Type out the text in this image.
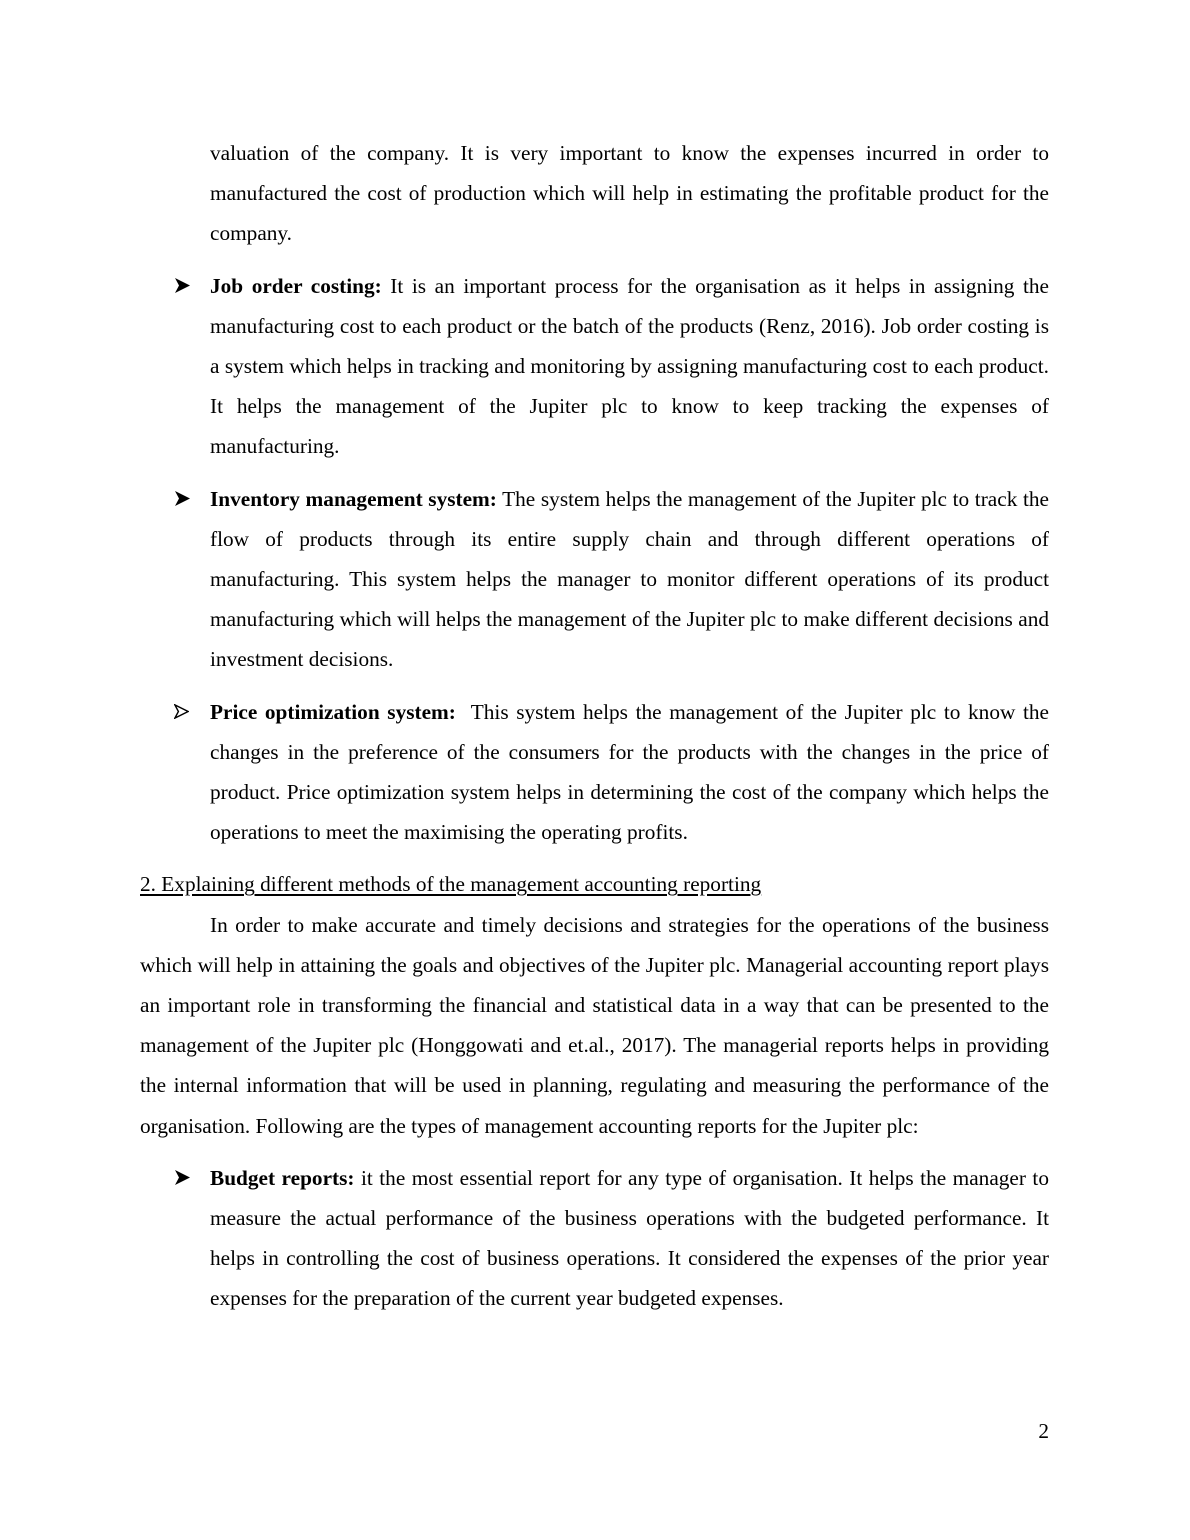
valuation of the company. It is very important to know the expenses incurred in order to manufactured the cost of production which will help in estimating the profitable product for the company.

Job order costing: It is an important process for the organisation as it helps in assigning the manufacturing cost to each product or the batch of the products (Renz, 2016). Job order costing is a system which helps in tracking and monitoring by assigning manufacturing cost to each product. It helps the management of the Jupiter plc to know to keep tracking the expenses of manufacturing.
Inventory management system: The system helps the management of the Jupiter plc to track the flow of products through its entire supply chain and through different operations of manufacturing. This system helps the manager to monitor different operations of its product manufacturing which will helps the management of the Jupiter plc to make different decisions and investment decisions.
Price optimization system:  This system helps the management of the Jupiter plc to know the changes in the preference of the consumers for the products with the changes in the price of product. Price optimization system helps in determining the cost of the company which helps the operations to meet the maximising the operating profits.

2. Explaining different methods of the management accounting reporting

In order to make accurate and timely decisions and strategies for the operations of the business which will help in attaining the goals and objectives of the Jupiter plc. Managerial accounting report plays an important role in transforming the financial and statistical data in a way that can be presented to the management of the Jupiter plc (Honggowati and et.al., 2017). The managerial reports helps in providing the internal information that will be used in planning, regulating and measuring the performance of the organisation. Following are the types of management accounting reports for the Jupiter plc:

Budget reports: it the most essential report for any type of organisation. It helps the manager to measure the actual performance of the business operations with the budgeted performance. It helps in controlling the cost of business operations. It considered the expenses of the prior year expenses for the preparation of the current year budgeted expenses.
2
